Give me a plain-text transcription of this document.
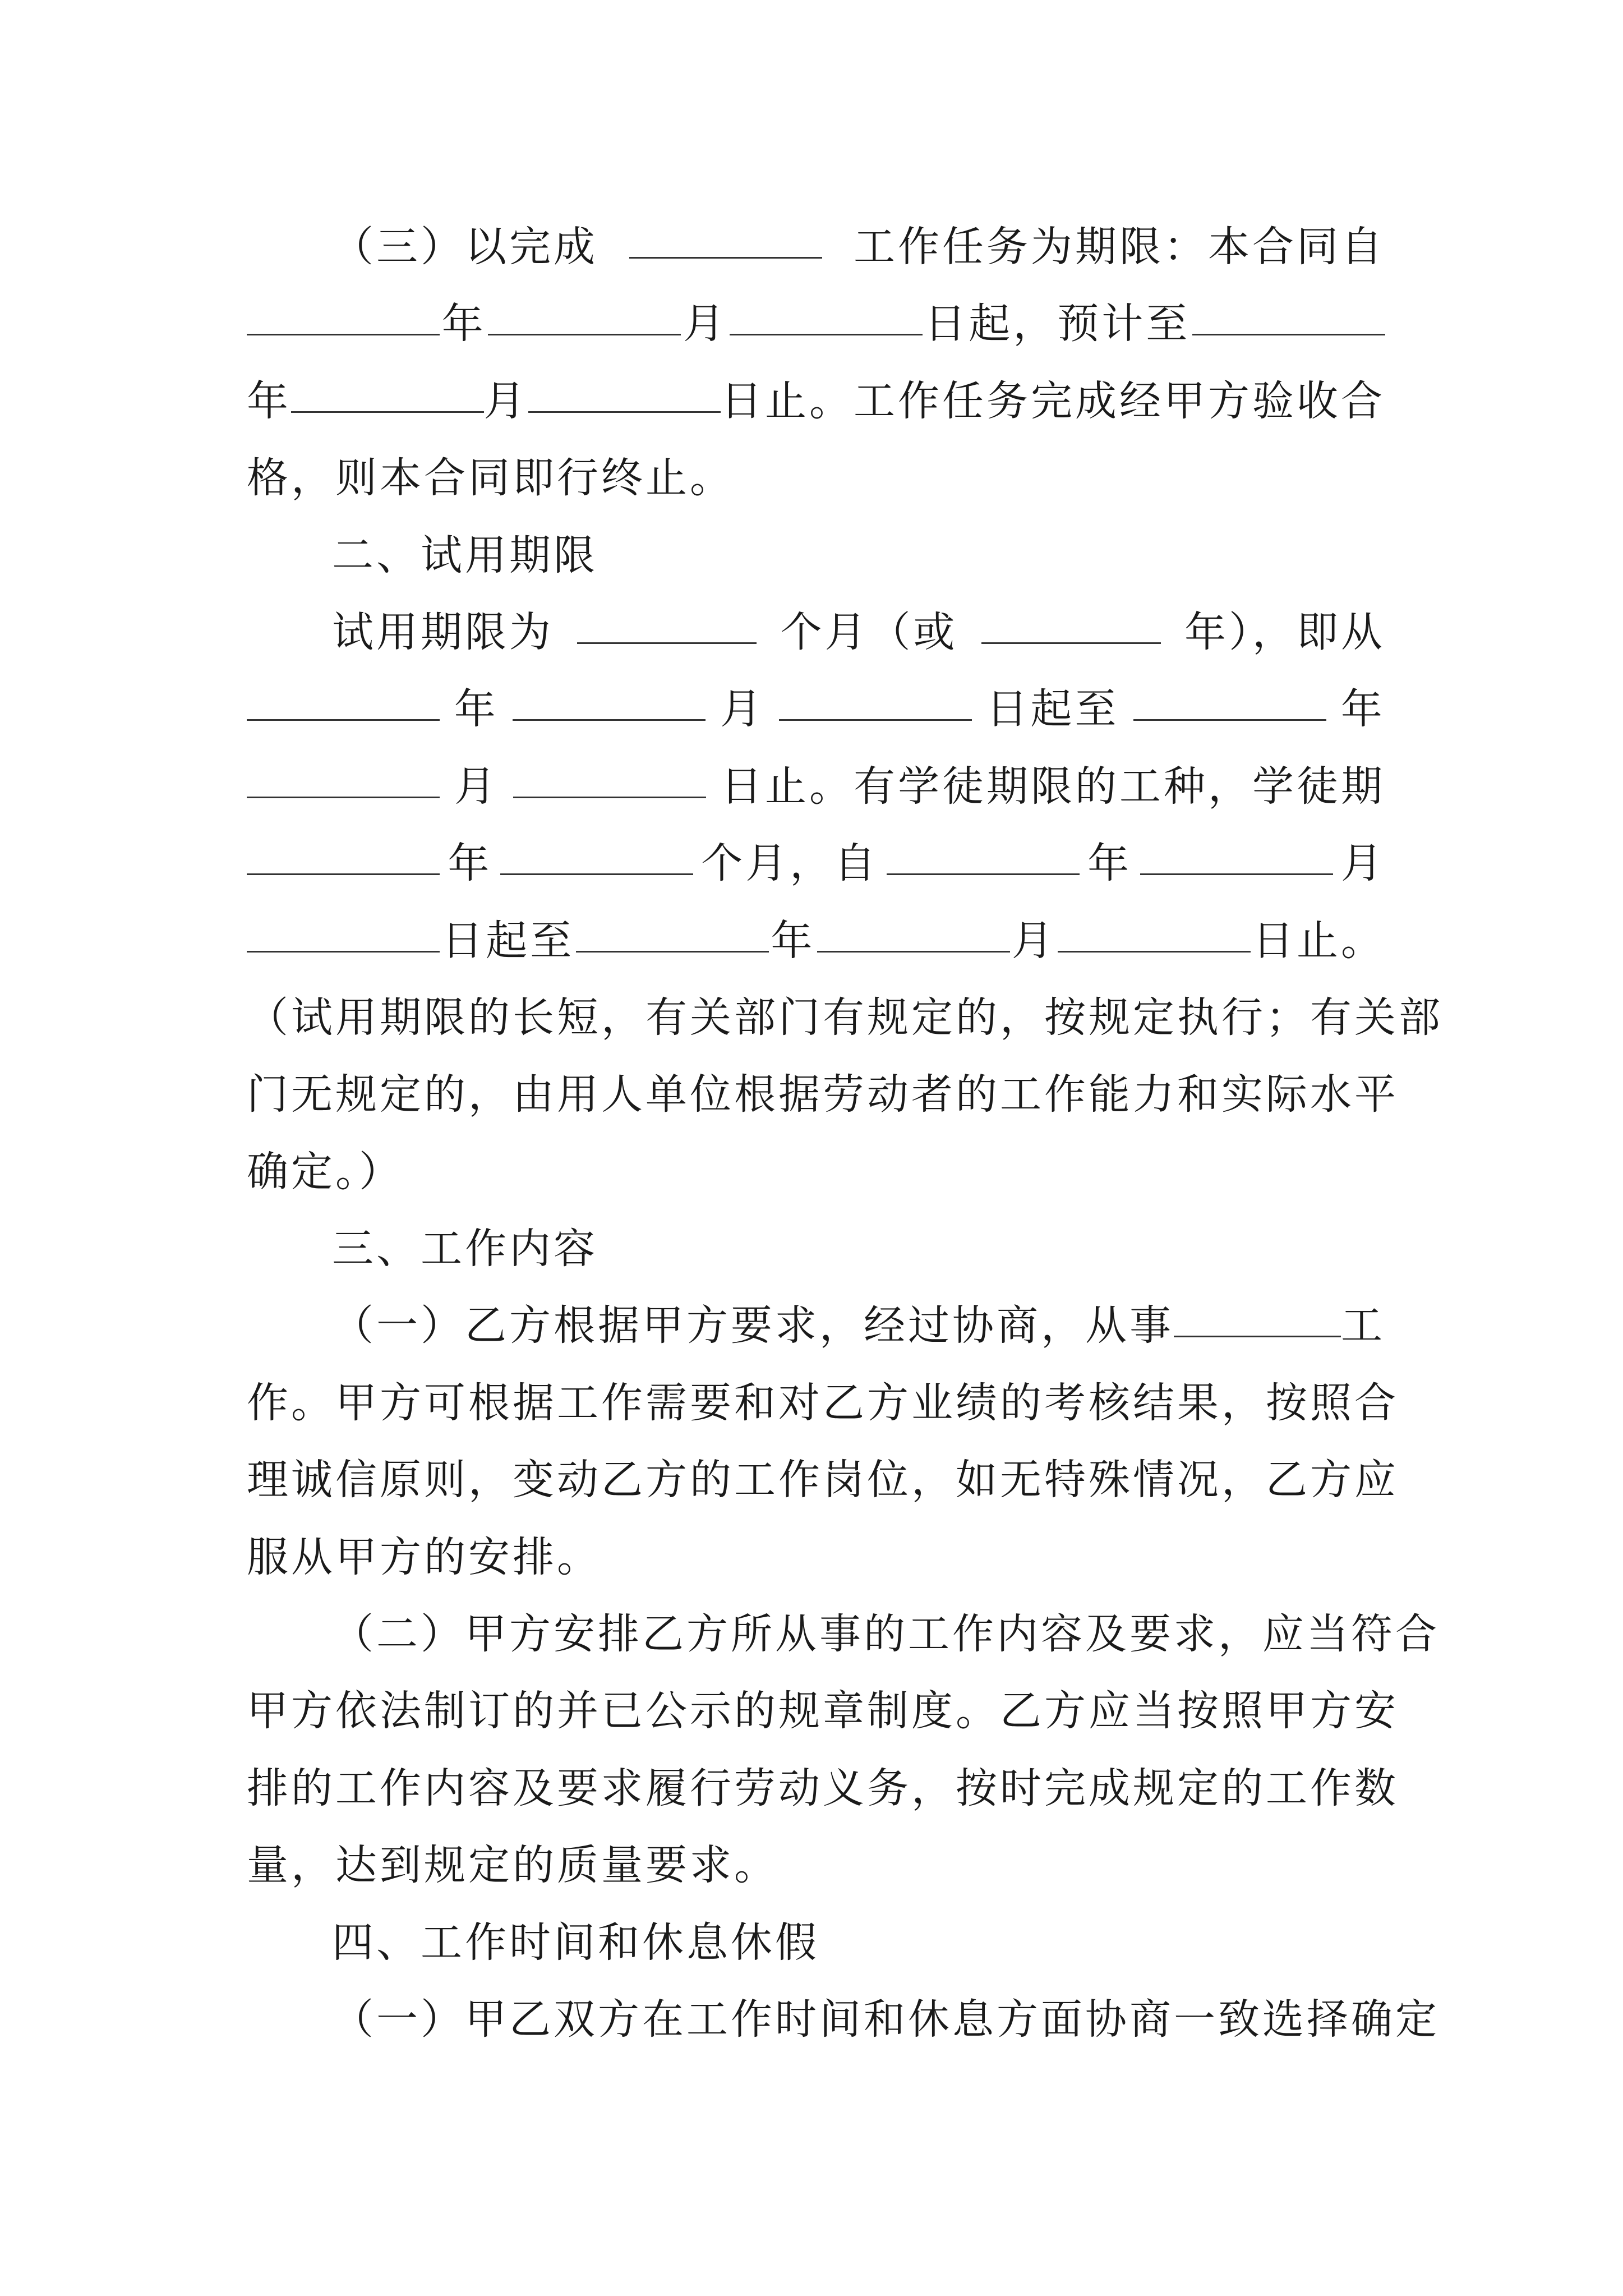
（三）以完成	工作任务为期限：本合同自
年	月	日起，预计至
年	月	日止。工作任务完成经甲方验收合
格，则本合同即行终止。
二、试用期限
试用期限为	个月（或	年），即从
年	月	日起至	年
月	日止。有学徒期限的工种，学徒期
年	个月，自	年	月
日起至	年	月	日止。
（试用期限的长短，有关部门有规定的，按规定执行；有关部
门无规定的，由用人单位根据劳动者的工作能力和实际水平
确定。）
三、工作内容
（一）乙方根据甲方要求，经过协商，从事	工
作。甲方可根据工作需要和对乙方业绩的考核结果，按照合
理诚信原则，变动乙方的工作岗位，如无特殊情况，乙方应
服从甲方的安排。
（二）甲方安排乙方所从事的工作内容及要求，应当符合
甲方依法制订的并已公示的规章制度。乙方应当按照甲方安
排的工作内容及要求履行劳动义务，按时完成规定的工作数
量，达到规定的质量要求。
四、工作时间和休息休假
（一）甲乙双方在工作时间和休息方面协商一致选择确定
